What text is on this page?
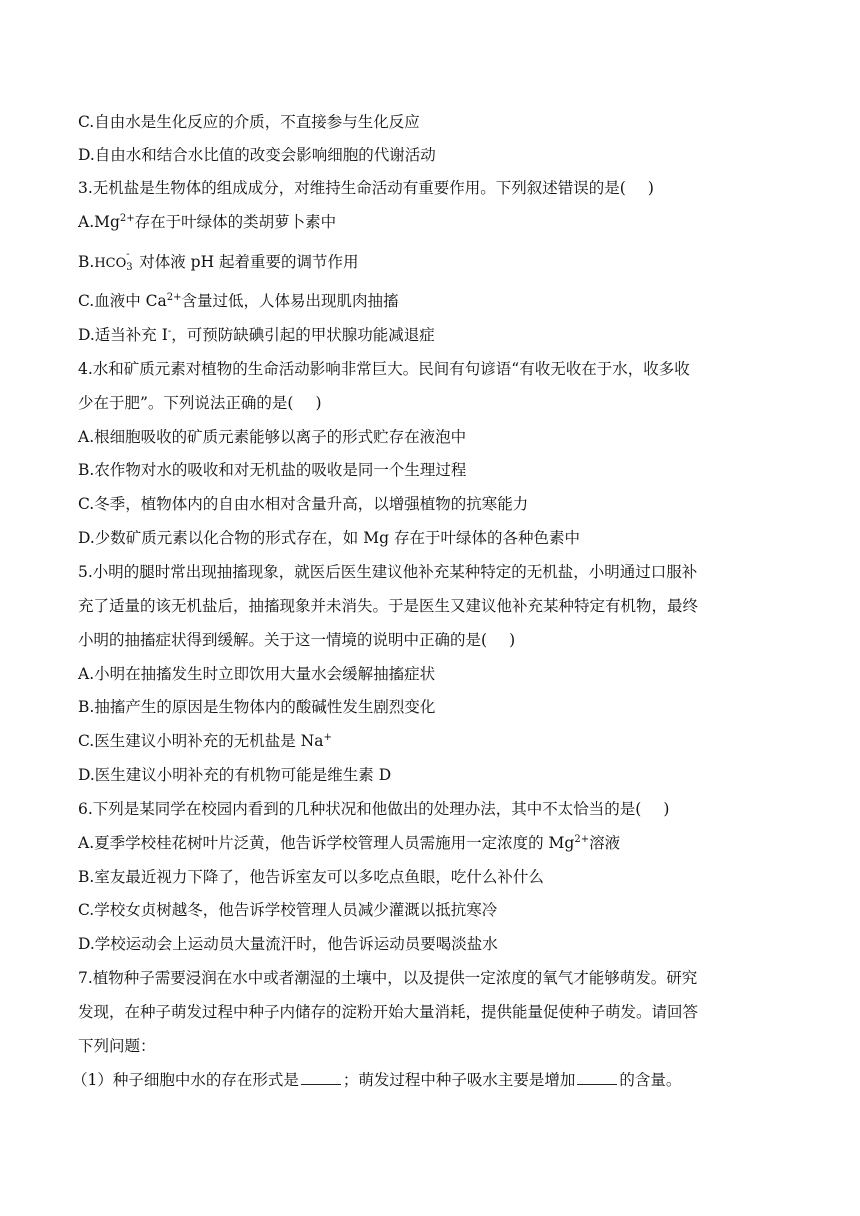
C.自由水是生化反应的介质，不直接参与生化反应
D.自由水和结合水比值的改变会影响细胞的代谢活动
3.无机盐是生物体的组成成分，对维持生命活动有重要作用。下列叙述错误的是( )
$A.Mg^{2+}$存在于叶绿体的类胡萝卜素中
B.HCO
-
3 对体液 pH 起着重要的调节作用
C.血液中 $Ca^{2+}$含量过低，人体易出现肌肉抽搐
D.适当补充 I-，可预防缺碘引起的甲状腺功能减退症
4.水和矿质元素对植物的生命活动影响非常巨大。民间有句谚语“有收无收在于水，收多收
少在于肥”。下列说法正确的是( )
A.根细胞吸收的矿质元素能够以离子的形式贮存在液泡中
B.农作物对水的吸收和对无机盐的吸收是同一个生理过程
C.冬季，植物体内的自由水相对含量升高，以增强植物的抗寒能力
D.少数矿质元素以化合物的形式存在，如 Mg 存在于叶绿体的各种色素中
5.小明的腿时常出现抽搐现象，就医后医生建议他补充某种特定的无机盐，小明通过口服补
充了适量的该无机盐后，抽搐现象并未消失。于是医生又建议他补充某种特定有机物，最终
小明的抽搐症状得到缓解。关于这一情境的说明中正确的是( )
A.小明在抽搐发生时立即饮用大量水会缓解抽搐症状
B.抽搐产生的原因是生物体内的酸碱性发生剧烈变化
C.医生建议小明补充的无机盐是 Na+
D.医生建议小明补充的有机物可能是维生素 D
6.下列是某同学在校园内看到的几种状况和他做出的处理办法，其中不太恰当的是( )
A.夏季学校桂花树叶片泛黄，他告诉学校管理人员需施用一定浓度的 $Mg^{2+}$溶液
B.室友最近视力下降了，他告诉室友可以多吃点鱼眼，吃什么补什么
C.学校女贞树越冬，他告诉学校管理人员减少灌溉以抵抗寒冷
D.学校运动会上运动员大量流汗时，他告诉运动员要喝淡盐水
7.植物种子需要浸润在水中或者潮湿的土壤中，以及提供一定浓度的氧气才能够萌发。研究
发现，在种子萌发过程中种子内储存的淀粉开始大量消耗，提供能量促使种子萌发。请回答
下列问题：
（1）种子细胞中水的存在形式是	；萌发过程中种子吸水主要是增加	的含量。
